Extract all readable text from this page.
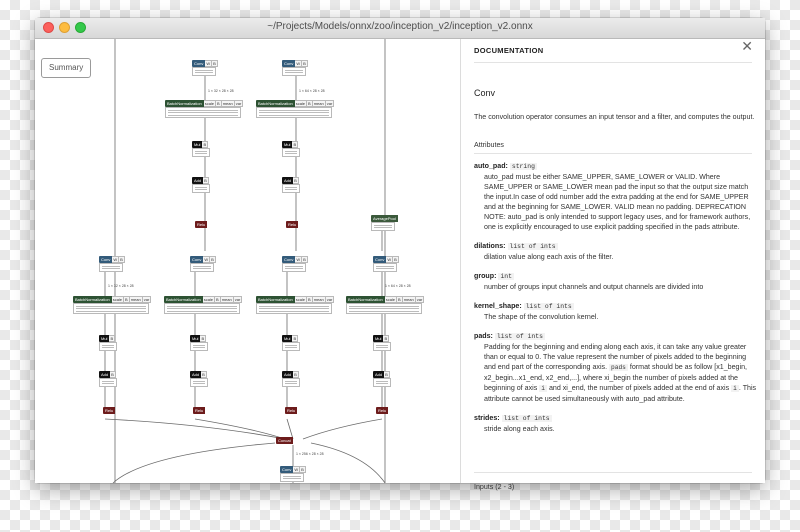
~/Projects/Models/onnx/zoo/inception_v2/inception_v2.onnx
Summary	Conv W B	Conv W B
1 × 32 × 28 × 28	1 × 64 × 28 × 28
BatchNormalization scale B mean var	BatchNormalization scale B mean var
Mul B	Mul B
Add B	Add B
AveragePool
Relu	Relu
Conv W B	Conv W B	Conv W B	Conv W B
BatchNormalization scale B mean var	BatchNormalization scale B mean var	BatchNormalization scale B mean var	BatchNormalization scale B mean var
1 × 32 × 28 × 28	1 × 64 × 28 × 28
Mul B	Mul B	Mul B	Mul B
Add B	Add B	Add B	Add B
Relu	Relu	Relu	Relu
Concat
1 × 256 × 28 × 28
Conv W B
DOCUMENTATION	✕
Conv
The convolution operator consumes an input tensor and a filter, and computes the output.
Attributes
auto_pad: string
auto_pad must be either SAME_UPPER, SAME_LOWER or VALID. Where SAME_UPPER or SAME_LOWER mean pad the input so that the output size match the input.In case of odd number add the extra padding at the end for SAME_UPPER and at the beginning for SAME_LOWER. VALID mean no padding. DEPRECATION NOTE: auto_pad is only intended to support legacy uses, and for framework authors, one is explicitly encouraged to use explicit padding specified in the pads attribute.
dilations: list of ints
dilation value along each axis of the filter.
group: int
number of groups input channels and output channels are divided into
kernel_shape: list of ints
The shape of the convolution kernel.
pads: list of ints
Padding for the beginning and ending along each axis, it can take any value greater than or equal to 0. The value represent the number of pixels added to the beginning and end part of the corresponding axis. pads format should be as follow [x1_begin, x2_begin...x1_end, x2_end,...], where xi_begin the number of pixels added at the beginning of axis i and xi_end, the number of pixels added at the end of axis i . This attribute cannot be used simultaneously with auto_pad attribute.
strides: list of ints
stride along each axis.
Inputs (2 - 3)
